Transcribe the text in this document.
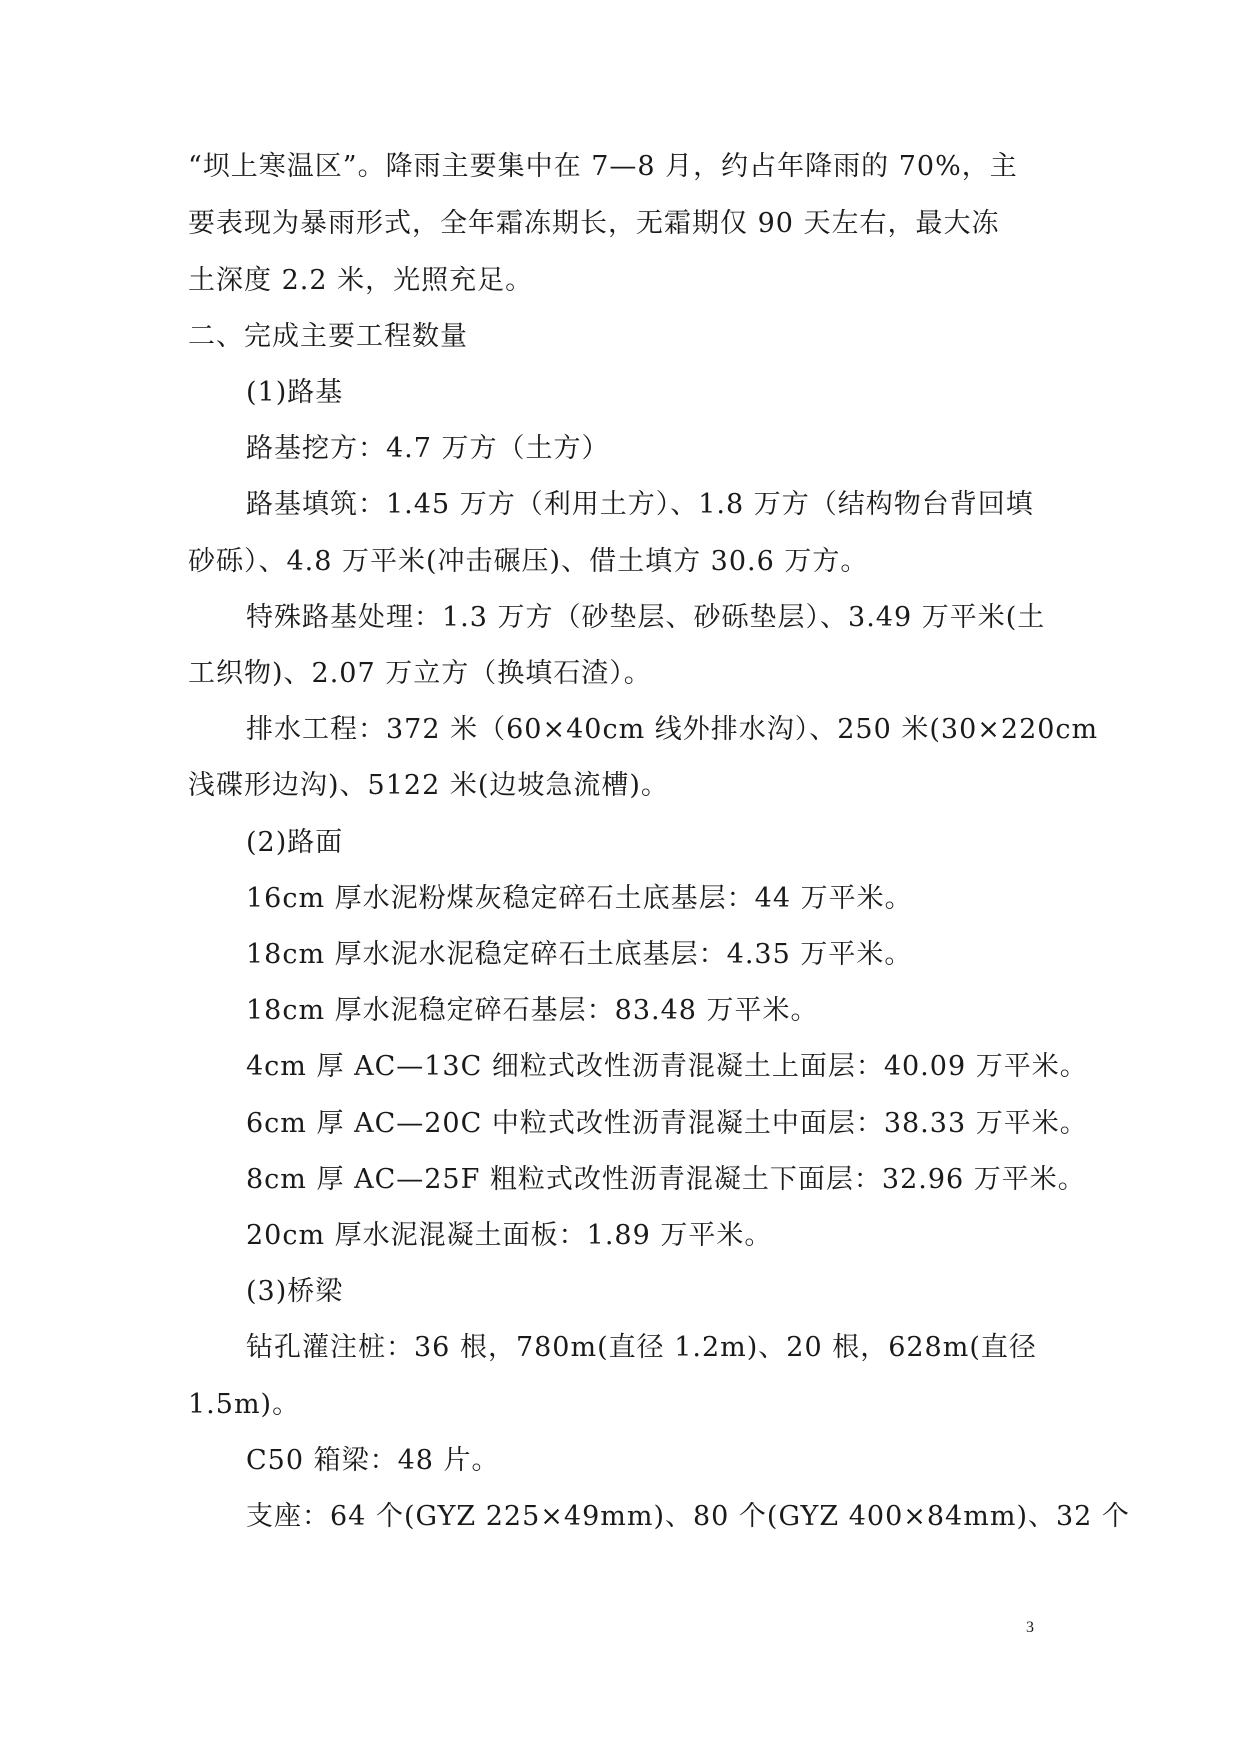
“坝上寒温区”。降雨主要集中在 7—8 月，约占年降雨的 70%，主
要表现为暴雨形式，全年霜冻期长，无霜期仅 90 天左右，最大冻
土深度 2.2 米，光照充足。
二、完成主要工程数量
(1)路基
路基挖方：4.7 万方（土方）
路基填筑：1.45 万方（利用土方）、1.8 万方（结构物台背回填
砂砾）、4.8 万平米(冲击碾压)、借土填方 30.6 万方。
特殊路基处理：1.3 万方（砂垫层、砂砾垫层）、3.49 万平米(土
工织物)、2.07 万立方（换填石渣）。
排水工程：372 米（60×40cm 线外排水沟）、250 米(30×220cm
浅碟形边沟)、5122 米(边坡急流槽)。
(2)路面
16cm 厚水泥粉煤灰稳定碎石土底基层：44 万平米。
18cm 厚水泥水泥稳定碎石土底基层：4.35 万平米。
18cm 厚水泥稳定碎石基层：83.48 万平米。
4cm 厚 AC—13C 细粒式改性沥青混凝土上面层：40.09 万平米。
6cm 厚 AC—20C 中粒式改性沥青混凝土中面层：38.33 万平米。
8cm 厚 AC—25F 粗粒式改性沥青混凝土下面层：32.96 万平米。
20cm 厚水泥混凝土面板：1.89 万平米。
(3)桥梁
钻孔灌注桩：36 根，780m(直径 1.2m)、20 根，628m(直径
1.5m)。
C50 箱梁：48 片。
支座：64 个(GYZ 225×49mm)、80 个(GYZ 400×84mm)、32 个
3
